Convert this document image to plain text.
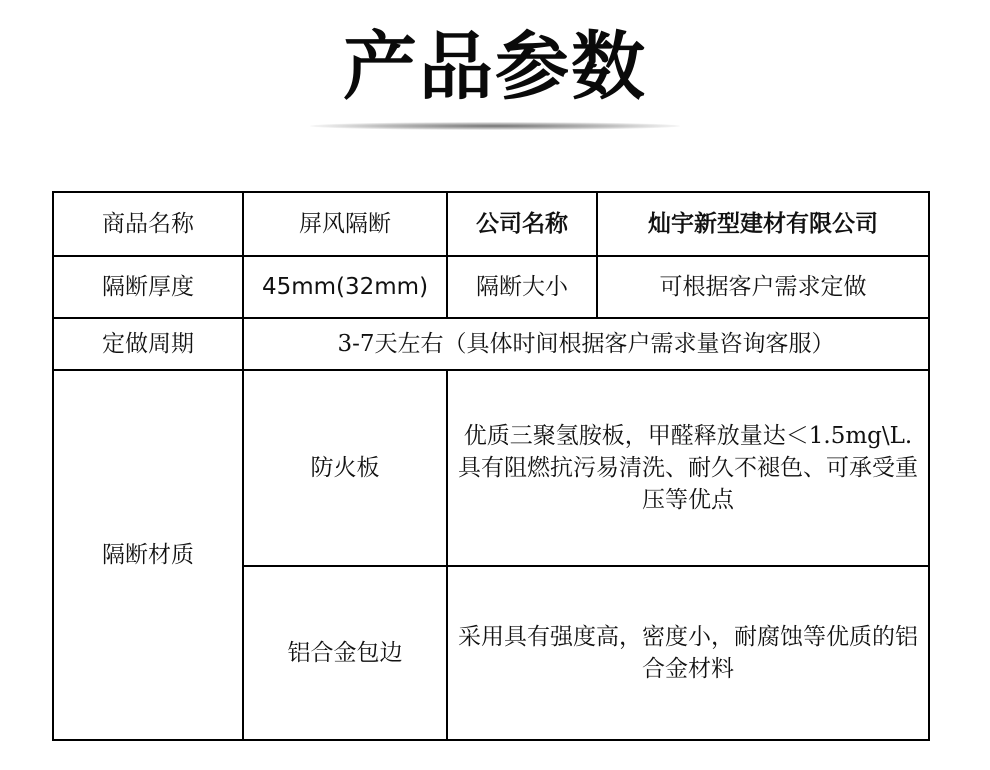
产品参数
商品名称	屏风隔断	公司名称	灿宇新型建材有限公司
隔断厚度	45mm(32mm)	隔断大小	可根据客户需求定做
定做周期	3-7天左右（具体时间根据客户需求量咨询客服）		
隔断材质	防火板	优质三聚氢胺板，甲醛释放量达＜1.5mg\L. 具有阻燃抗污易清洗、耐久不褪色、可承受重压等优点	
	铝合金包边	采用具有强度高，密度小，耐腐蚀等优质的铝合金材料	
